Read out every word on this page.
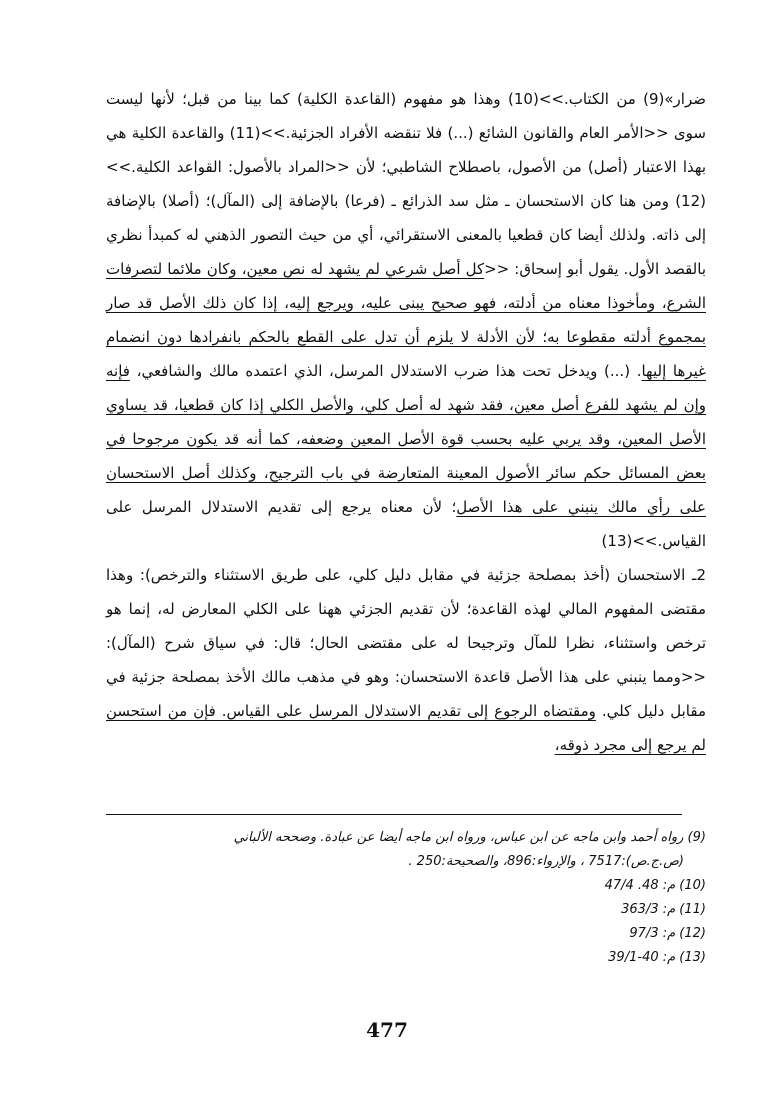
ضرار»(9) من الكتاب.>>(10) وهذا هو مفهوم (القاعدة الكلية) كما بينا من قبل؛ لأنها ليست سوى <<الأمر العام والقانون الشائع (...) فلا تنقضه الأفراد الجزئية.>>(11) والقاعدة الكلية هي بهذا الاعتبار (أصل) من الأصول، باصطلاح الشاطبي؛ لأن <<المراد بالأصول: القواعد الكلية.>>(12) ومن هنا كان الاستحسان ـ مثل سد الذرائع ـ (فرعا) بالإضافة إلى (المآل)؛ (أصلا) بالإضافة إلى ذاته. ولذلك أيضا كان قطعيا بالمعنى الاستقرائي، أي من حيث التصور الذهني له كمبدأ نظري بالقصد الأول. يقول أبو إسحاق: <<كل أصل شرعي لم يشهد له نص معين، وكان ملائما لتصرفات الشرع، ومأخوذا معناه من أدلته، فهو صحيح يبنى عليه، ويرجع إليه، إذا كان ذلك الأصل قد صار بمجموع أدلته مقطوعا به؛ لأن الأدلة لا يلزم أن تدل على القطع بالحكم بانفرادها دون انضمام غيرها إليها. (...) ويدخل تحت هذا ضرب الاستدلال المرسل، الذي اعتمده مالك والشافعي، فإنه وإن لم يشهد للفرع أصل معين، فقد شهد له أصل كلي، والأصل الكلي إذا كان قطعيا، قد يساوي الأصل المعين، وقد يربي عليه بحسب قوة الأصل المعين وضعفه، كما أنه قد يكون مرجوحا في بعض المسائل حكم سائر الأصول المعينة المتعارضة في باب الترجيح، وكذلك أصل الاستحسان على رأي مالك ينبني على هذا الأصل؛ لأن معناه يرجع إلى تقديم الاستدلال المرسل على القياس.>>(13)

2ـ الاستحسان (أخذ بمصلحة جزئية في مقابل دليل كلي، على طريق الاستثناء والترخص): وهذا مقتضى المفهوم المالي لهذه القاعدة؛ لأن تقديم الجزئي ههنا على الكلي المعارض له، إنما هو ترخص واستثناء، نظرا للمآل وترجيحا له على مقتضى الحال؛ قال: في سياق شرح (المآل): <<ومما ينبني على هذا الأصل قاعدة الاستحسان: وهو في مذهب مالك الأخذ بمصلحة جزئية في مقابل دليل كلي. ومقتضاه الرجوع إلى تقديم الاستدلال المرسل على القياس. فإن من استحسن لم يرجع إلى مجرد ذوقه،

(9) رواه أحمد وابن ماجه عن ابن عباس، ورواه ابن ماجه أيضا عن عبادة. وصححه الألباني

(ص.ج.ص):7517 ، والإرواء:896، والصحيحة:250 .

(10) م: 48. 47/4

(11) م: 363/3

(12) م: 97/3

(13) م: 40-39/1

477
